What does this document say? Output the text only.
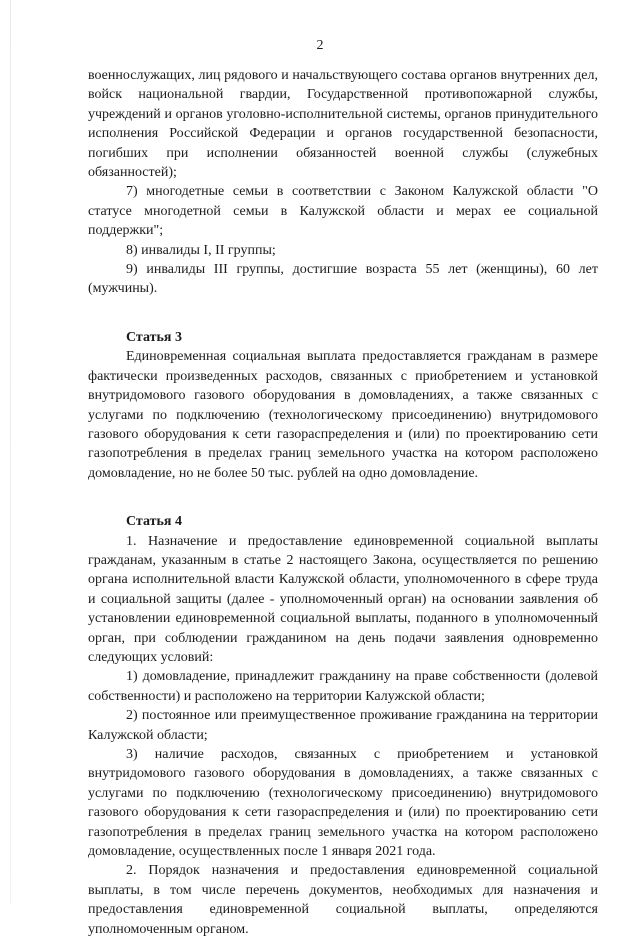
2

военнослужащих, лиц рядового и начальствующего состава органов внутренних дел, войск национальной гвардии, Государственной противопожарной службы, учреждений и органов уголовно-исполнительной системы, органов принудительного исполнения Российской Федерации и органов государственной безопасности, погибших при исполнении обязанностей военной службы (служебных обязанностей);

7) многодетные семьи в соответствии с Законом Калужской области "О статусе многодетной семьи в Калужской области и мерах ее социальной поддержки";

8) инвалиды I, II группы;

9) инвалиды III группы, достигшие возраста 55 лет (женщины), 60 лет (мужчины).

Статья 3

Единовременная социальная выплата предоставляется гражданам в размере фактически произведенных расходов, связанных с приобретением и установкой внутридомового газового оборудования в домовладениях, а также связанных с услугами по подключению (технологическому присоединению) внутридомового газового оборудования к сети газораспределения и (или) по проектированию сети газопотребления в пределах границ земельного участка на котором расположено домовладение, но не более 50 тыс. рублей на одно домовладение.

Статья 4

1. Назначение и предоставление единовременной социальной выплаты гражданам, указанным в статье 2 настоящего Закона, осуществляется по решению органа исполнительной власти Калужской области, уполномоченного в сфере труда и социальной защиты (далее - уполномоченный орган) на основании заявления об установлении единовременной социальной выплаты, поданного в уполномоченный орган, при соблюдении гражданином на день подачи заявления одновременно следующих условий:

1) домовладение, принадлежит гражданину на праве собственности (долевой собственности) и расположено на территории Калужской области;

2) постоянное или преимущественное проживание гражданина на территории Калужской области;

3) наличие расходов, связанных с приобретением и установкой внутридомового газового оборудования в домовладениях, а также связанных с услугами по подключению (технологическому присоединению) внутридомового газового оборудования к сети газораспределения и (или) по проектированию сети газопотребления в пределах границ земельного участка на котором расположено домовладение, осуществленных после 1 января 2021 года.

2. Порядок назначения и предоставления единовременной социальной выплаты, в том числе перечень документов, необходимых для назначения и предоставления единовременной социальной выплаты, определяются уполномоченным органом.
